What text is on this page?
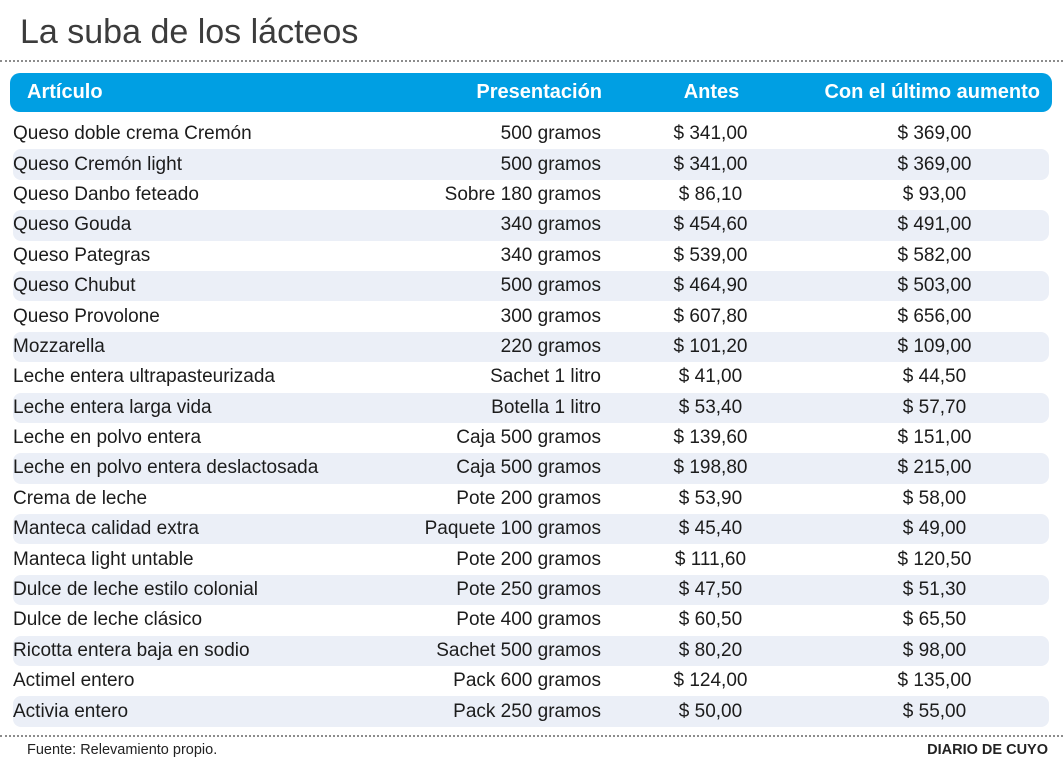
La suba de los lácteos
Artículo	Presentación	Antes	Con el último aumento
Queso doble crema Cremón	500 gramos	$ 341,00	$ 369,00
Queso Cremón light	500 gramos	$ 341,00	$ 369,00
Queso Danbo feteado	Sobre 180 gramos	$ 86,10	$ 93,00
Queso Gouda	340 gramos	$ 454,60	$ 491,00
Queso Pategras	340 gramos	$ 539,00	$ 582,00
Queso Chubut	500 gramos	$ 464,90	$ 503,00
Queso Provolone	300 gramos	$ 607,80	$ 656,00
Mozzarella	220 gramos	$ 101,20	$ 109,00
Leche entera ultrapasteurizada	Sachet 1 litro	$ 41,00	$ 44,50
Leche entera larga vida	Botella 1 litro	$ 53,40	$ 57,70
Leche en polvo entera	Caja 500 gramos	$ 139,60	$ 151,00
Leche en polvo entera deslactosada	Caja 500 gramos	$ 198,80	$ 215,00
Crema de leche	Pote 200 gramos	$ 53,90	$ 58,00
Manteca calidad extra	Paquete 100 gramos	$ 45,40	$ 49,00
Manteca light untable	Pote 200 gramos	$ 111,60	$ 120,50
Dulce de leche estilo colonial	Pote 250 gramos	$ 47,50	$ 51,30
Dulce de leche clásico	Pote 400 gramos	$ 60,50	$ 65,50
Ricotta entera baja en sodio	Sachet 500 gramos	$ 80,20	$ 98,00
Actimel entero	Pack 600 gramos	$ 124,00	$ 135,00
Activia entero	Pack 250 gramos	$ 50,00	$ 55,00
Fuente: Relevamiento propio.	DIARIO DE CUYO
